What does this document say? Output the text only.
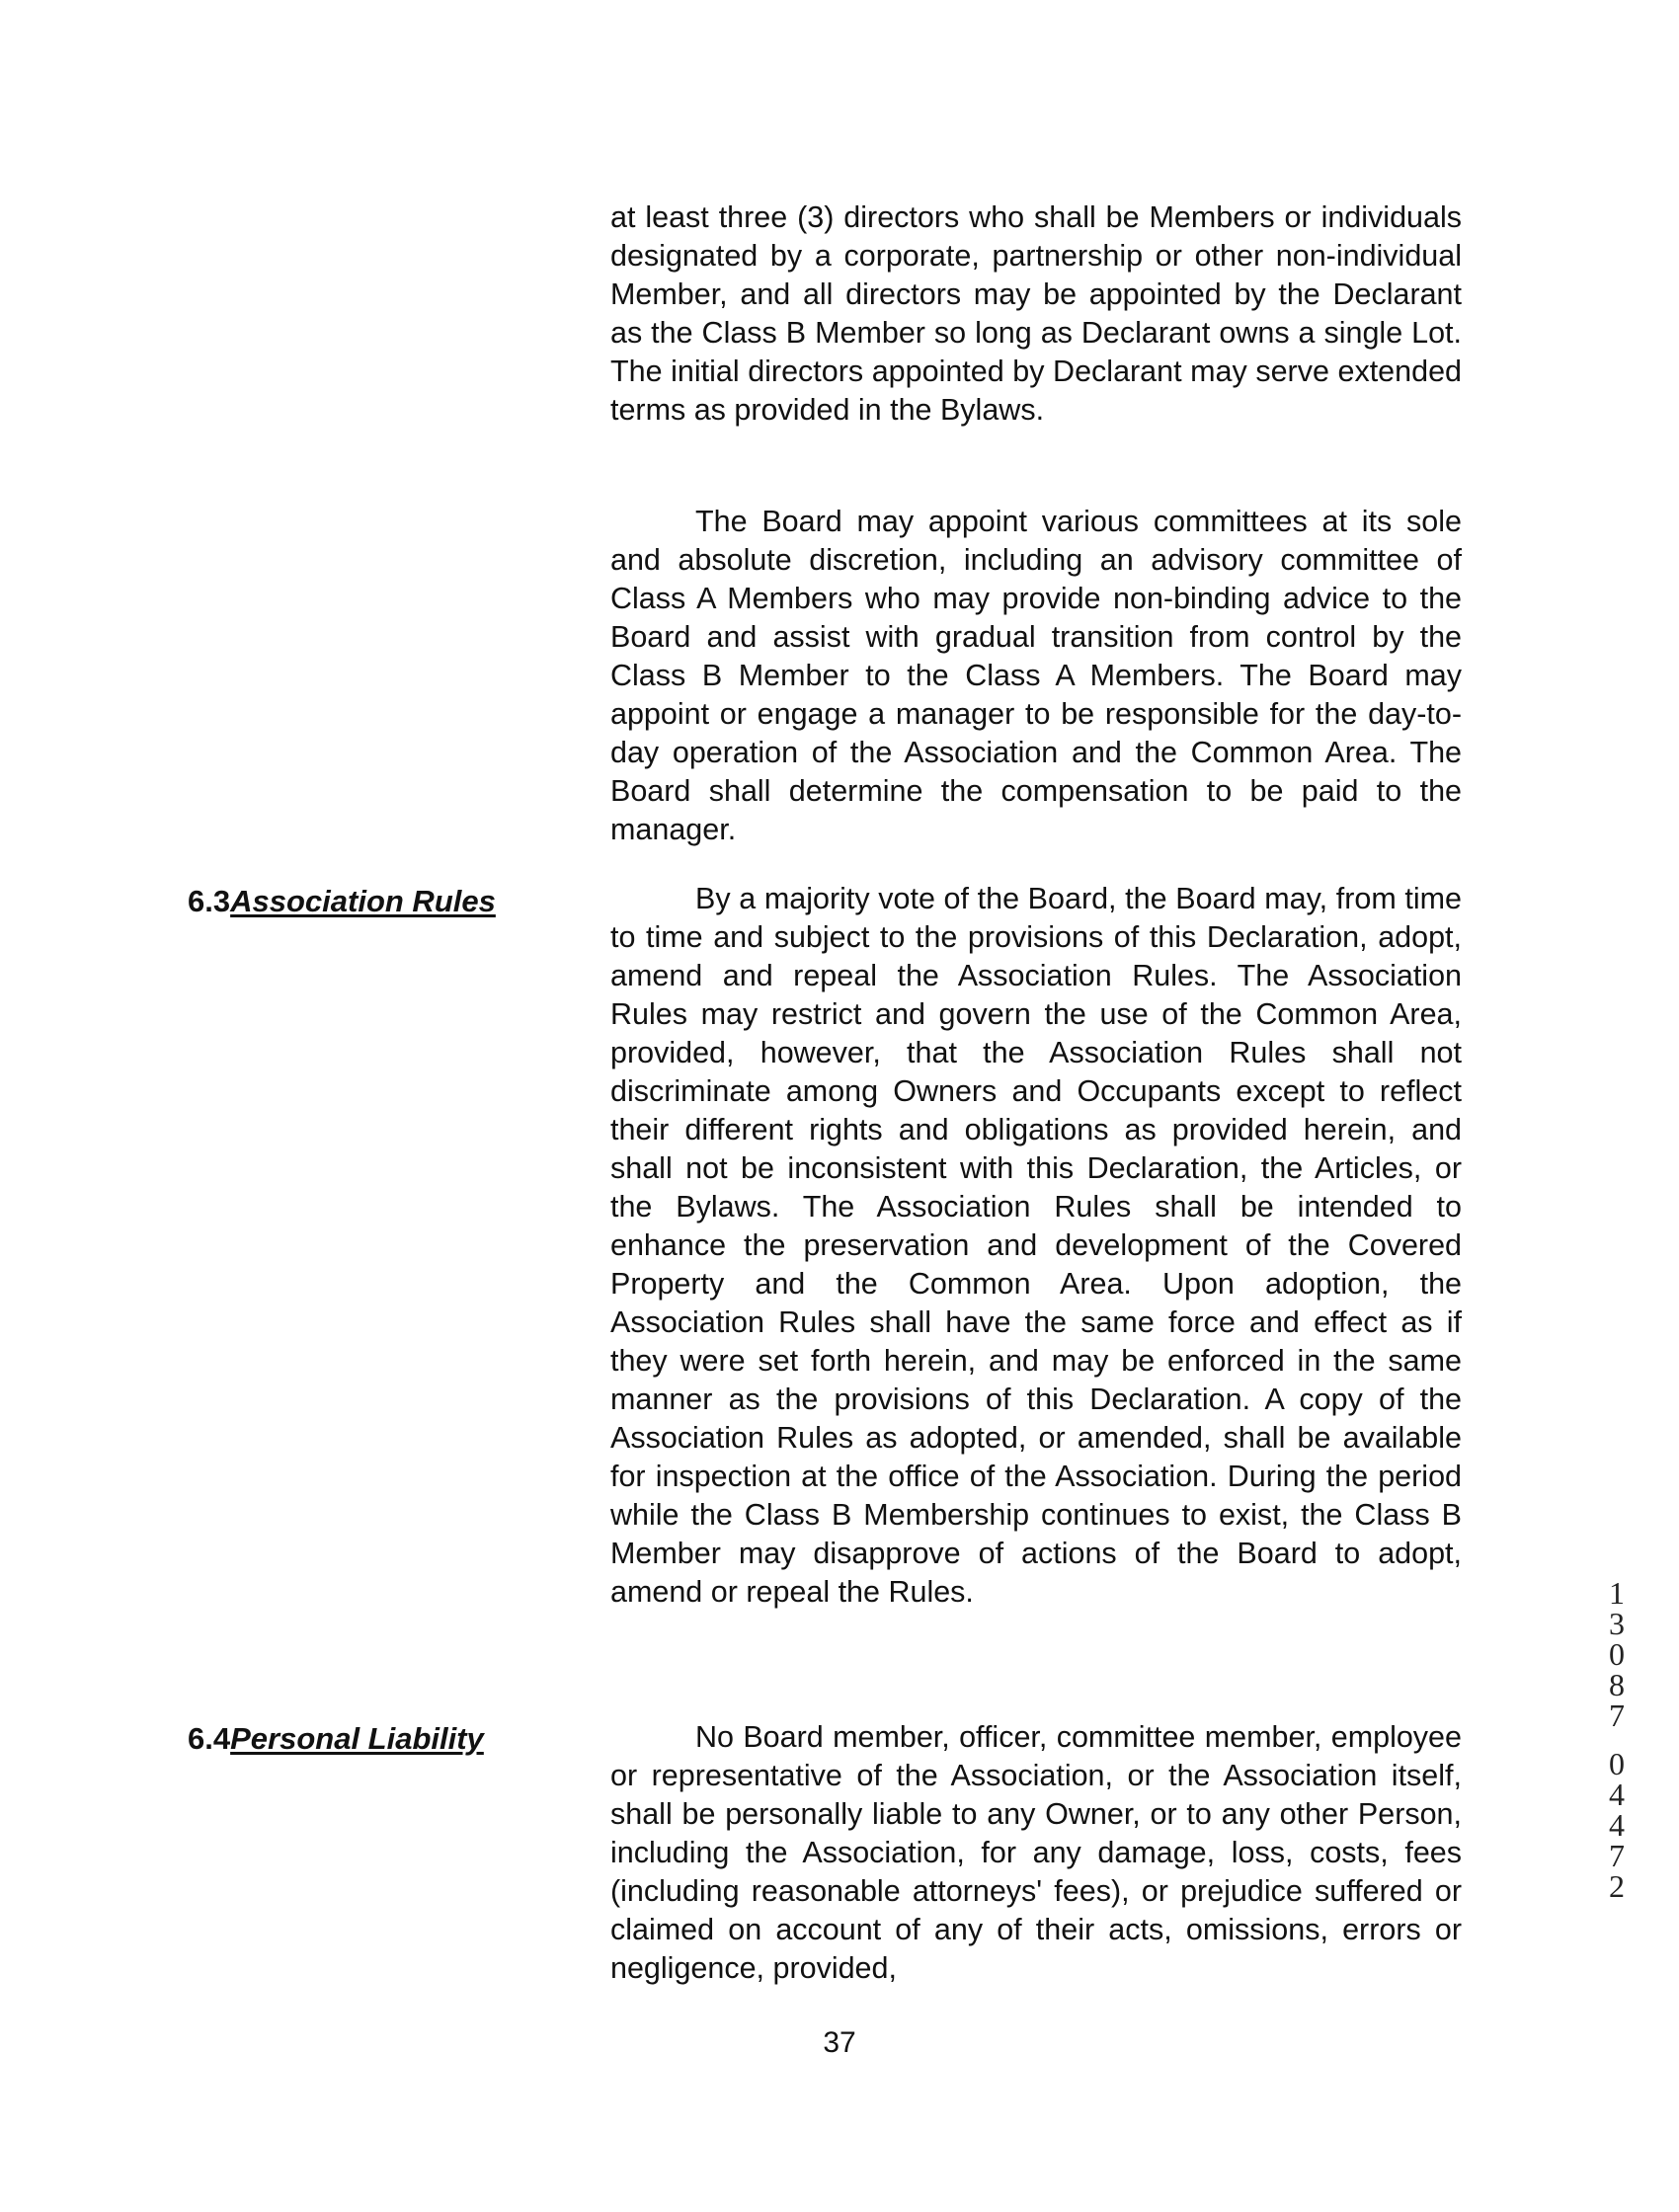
at least three (3) directors who shall be Members or individuals designated by a corporate, partnership or other non-individual Member, and all directors may be appointed by the Declarant as the Class B Member so long as Declarant owns a single Lot. The initial directors appointed by Declarant may serve extended terms as provided in the Bylaws.

The Board may appoint various committees at its sole and absolute discretion, including an advisory committee of Class A Members who may provide non-binding advice to the Board and assist with gradual transition from control by the Class B Member to the Class A Members. The Board may appoint or engage a manager to be responsible for the day-to-day operation of the Association and the Common Area. The Board shall determine the compensation to be paid to the manager.

6.3Association Rules	By a majority vote of the Board, the Board may, from time to time and subject to the provisions of this Declaration, adopt, amend and repeal the Association Rules. The Association Rules may restrict and govern the use of the Common Area, provided, however, that the Association Rules shall not discriminate among Owners and Occupants except to reflect their different rights and obligations as provided herein, and shall not be inconsistent with this Declaration, the Articles, or the Bylaws. The Association Rules shall be intended to enhance the preservation and development of the Covered Property and the Common Area. Upon adoption, the Association Rules shall have the same force and effect as if they were set forth herein, and may be enforced in the same manner as the provisions of this Declaration. A copy of the Association Rules as adopted, or amended, shall be available for inspection at the office of the Association. During the period while the Class B Membership continues to exist, the Class B Member may disapprove of actions of the Board to adopt, amend or repeal the Rules.

6.4Personal Liability	No Board member, officer, committee member, employee or representative of the Association, or the Association itself, shall be personally liable to any Owner, or to any other Person, including the Association, for any damage, loss, costs, fees (including reasonable attorneys' fees), or prejudice suffered or claimed on account of any of their acts, omissions, errors or negligence, provided,

37

1
3
0
8
7
0
4
4
7
2
